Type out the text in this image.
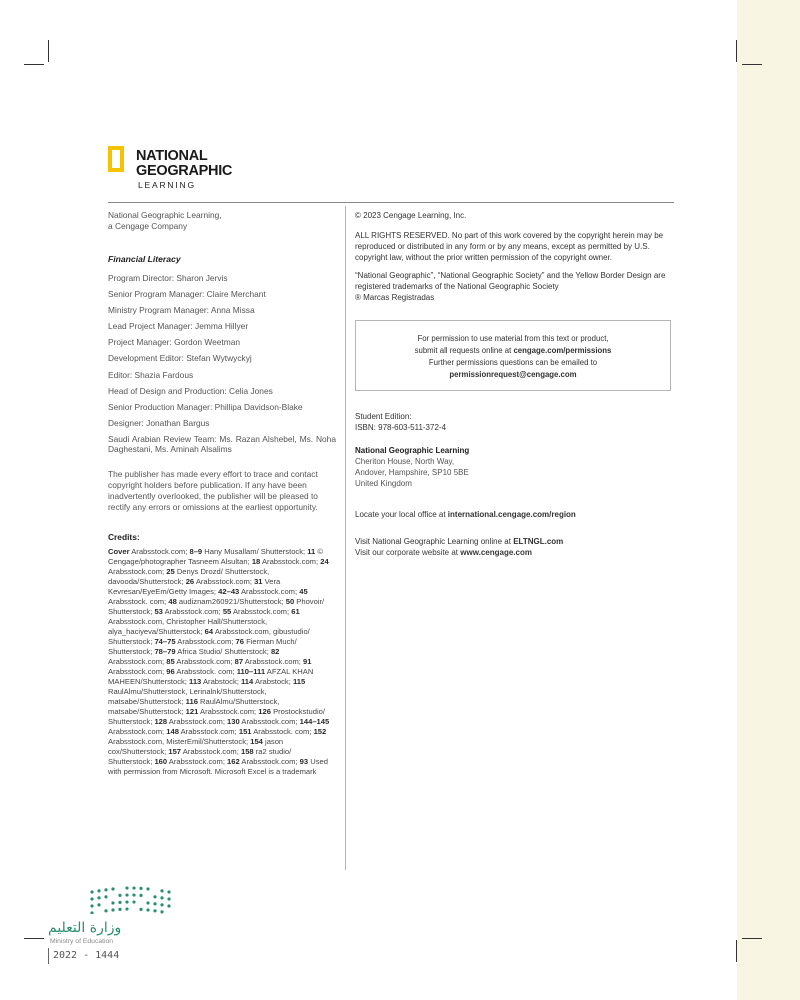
NATIONAL
GEOGRAPHIC
LEARNING

National Geographic Learning,
a Cengage Company

Financial Literacy

Program Director: Sharon Jervis
Senior Program Manager: Claire Merchant
Ministry Program Manager: Anna Missa
Lead Project Manager: Jemma Hillyer
Project Manager: Gordon Weetman
Development Editor: Stefan Wytwyckyj
Editor: Shazia Fardous
Head of Design and Production: Celia Jones
Senior Production Manager: Phillipa Davidson-Blake
Designer: Jonathan Bargus
Saudi Arabian Review Team: Ms. Razan Alshebel, Ms. Noha Daghestani, Ms. Aminah Alsalims

The publisher has made every effort to trace and contact copyright holders before publication. If any have been inadvertently overlooked, the publisher will be pleased to rectify any errors or omissions at the earliest opportunity.

Credits:

Cover Arabsstock.com; 8–9 Hany Musallam/ Shutterstock; 11 © Cengage/photographer Tasneem Alsultan; 18 Arabsstock.com; 24 Arabsstock.com; 25 Denys Drozd/ Shutterstock, davooda/Shutterstock; 26 Arabsstock.com; 31 Vera Kevresan/EyeEm/Getty Images; 42–43 Arabsstock.com; 45 Arabsstock. com; 48 audiznam260921/Shutterstock; 50 Phovoir/ Shutterstock; 53 Arabsstock.com; 55 Arabsstock.com; 61 Arabsstock.com, Christopher Hall/Shutterstock, alya_haciyeva/Shutterstock; 64 Arabsstock.com, gibustudio/ Shutterstock; 74–75 Arabsstock.com; 76 Fierman Much/ Shutterstock; 78–79 Africa Studio/ Shutterstock; 82 Arabsstock.com; 85 Arabsstock.com; 87 Arabsstock.com; 91 Arabsstock.com; 96 Arabsstock. com; 110–111 AFZAL KHAN MAHEEN/Shutterstock; 113 Arabstock; 114 Arabstock; 115 RaulAlmu/Shutterstock, Lerinalnk/Shutterstock, matsabe/Shutterstock; 116 RaulAlmu/Shutterstock, matsabe/Shutterstock; 121 Arabsstock.com; 126 Prostockstudio/ Shutterstock; 128 Arabsstock.com; 130 Arabsstock.com; 144–145 Arabsstock.com; 148 Arabsstock.com; 151 Arabsstock. com; 152 Arabsstock.com, MisterEmil/Shutterstock; 154 jason cox/Shutterstock; 157 Arabsstock.com; 158 ra2 studio/ Shutterstock; 160 Arabsstock.com; 162 Arabsstock.com; 93 Used with permission from Microsoft. Microsoft Excel is a trademark

© 2023 Cengage Learning, Inc.

ALL RIGHTS RESERVED. No part of this work covered by the copyright herein may be reproduced or distributed in any form or by any means, except as permitted by U.S. copyright law, without the prior written permission of the copyright owner.

“National Geographic”, “National Geographic Society” and the Yellow Border Design are registered trademarks of the National Geographic Society
® Marcas Registradas

For permission to use material from this text or product,

submit all requests online at cengage.com/permissions

Further permissions questions can be emailed to

permissionrequest@cengage.com

Student Edition:
ISBN: 978-603-511-372-4

National Geographic Learning

Cheriton House, North Way,
Andover, Hampshire, SP10 5BE
United Kingdom

Locate your local office at international.cengage.com/region

Visit National Geographic Learning online at ELTNGL.com

Visit our corporate website at www.cengage.com

وزارة التعليم
Ministry of Education
2022 - 1444
